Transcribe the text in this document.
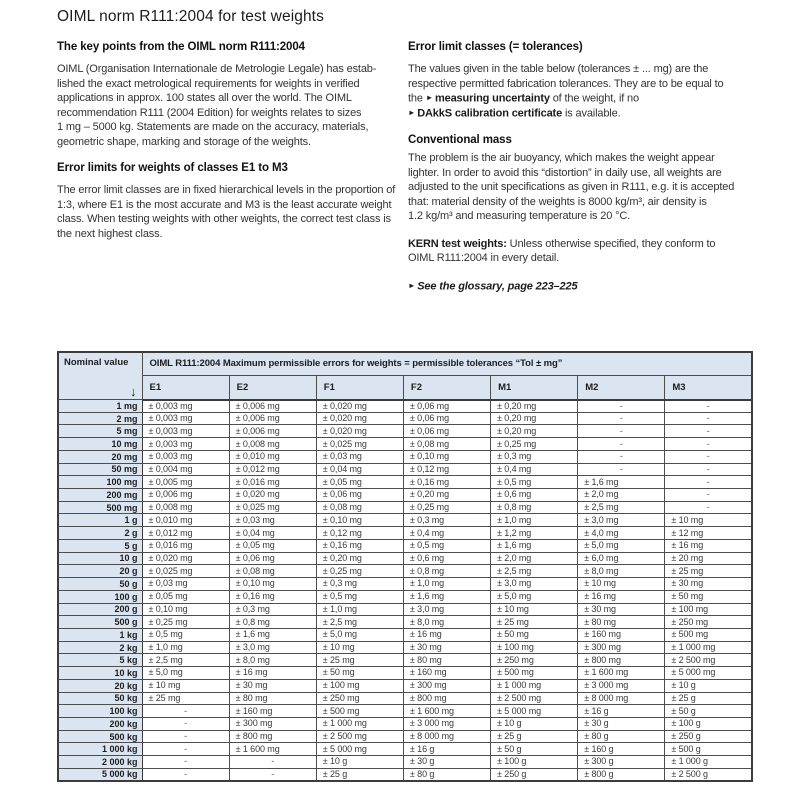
OIML norm R111:2004 for test weights
The key points from the OIML norm R111:2004

OIML (Organisation Internationale de Metrologie Legale) has estab-
lished the exact metrological requirements for weights in verified
applications in approx. 100 states all over the world. The OIML
recommendation R111 (2004 Edition) for weights relates to sizes
1 mg – 5000 kg. Statements are made on the accuracy, materials,
geometric shape, marking and storage of the weights.

Error limits for weights of classes E1 to M3

The error limit classes are in fixed hierarchical levels in the proportion of
1:3, where E1 is the most accurate and M3 is the least accurate weight
class. When testing weights with other weights, the correct test class is
the next highest class.

Error limit classes (= tolerances)

The values given in the table below (tolerances ± ... mg) are the
respective permitted fabrication tolerances. They are to be equal to
the ► measuring uncertainty of the weight, if no
► DAkkS calibration certificate is available.

Conventional mass

The problem is the air buoyancy, which makes the weight appear
lighter. In order to avoid this “distortion” in daily use, all weights are
adjusted to the unit specifications as given in R111, e.g. it is accepted
that: material density of the weights is 8000 kg/m³, air density is
1.2 kg/m³ and measuring temperature is 20 °C.

KERN test weights: Unless otherwise specified, they conform to
OIML R111:2004 in every detail.

► See the glossary, page 223–225

Nominal value
↓	OIML R111:2004 Maximum permissible errors for weights = permissible tolerances “Tol ± mg”						
	E1	E2	F1	F2	M1	M2	M3
1 mg	± 0,003 mg	± 0,006 mg	± 0,020 mg	± 0,06 mg	± 0,20 mg	-	-
2 mg	± 0,003 mg	± 0,006 mg	± 0,020 mg	± 0,06 mg	± 0,20 mg	-	-
5 mg	± 0,003 mg	± 0,006 mg	± 0,020 mg	± 0,06 mg	± 0,20 mg	-	-
10 mg	± 0,003 mg	± 0,008 mg	± 0,025 mg	± 0,08 mg	± 0,25 mg	-	-
20 mg	± 0,003 mg	± 0,010 mg	± 0,03 mg	± 0,10 mg	± 0,3 mg	-	-
50 mg	± 0,004 mg	± 0,012 mg	± 0,04 mg	± 0,12 mg	± 0,4 mg	-	-
100 mg	± 0,005 mg	± 0,016 mg	± 0,05 mg	± 0,16 mg	± 0,5 mg	± 1,6 mg	-
200 mg	± 0,006 mg	± 0,020 mg	± 0,06 mg	± 0,20 mg	± 0,6 mg	± 2,0 mg	-
500 mg	± 0,008 mg	± 0,025 mg	± 0,08 mg	± 0,25 mg	± 0,8 mg	± 2,5 mg	-
1 g	± 0,010 mg	± 0,03 mg	± 0,10 mg	± 0,3 mg	± 1,0 mg	± 3,0 mg	± 10 mg
2 g	± 0,012 mg	± 0,04 mg	± 0,12 mg	± 0,4 mg	± 1,2 mg	± 4,0 mg	± 12 mg
5 g	± 0,016 mg	± 0,05 mg	± 0,16 mg	± 0,5 mg	± 1,6 mg	± 5,0 mg	± 16 mg
10 g	± 0,020 mg	± 0,06 mg	± 0,20 mg	± 0,6 mg	± 2,0 mg	± 6,0 mg	± 20 mg
20 g	± 0,025 mg	± 0,08 mg	± 0,25 mg	± 0,8 mg	± 2,5 mg	± 8,0 mg	± 25 mg
50 g	± 0,03 mg	± 0,10 mg	± 0,3 mg	± 1,0 mg	± 3,0 mg	± 10 mg	± 30 mg
100 g	± 0,05 mg	± 0,16 mg	± 0,5 mg	± 1,6 mg	± 5,0 mg	± 16 mg	± 50 mg
200 g	± 0,10 mg	± 0,3 mg	± 1,0 mg	± 3,0 mg	± 10 mg	± 30 mg	± 100 mg
500 g	± 0,25 mg	± 0,8 mg	± 2,5 mg	± 8,0 mg	± 25 mg	± 80 mg	± 250 mg
1 kg	± 0,5 mg	± 1,6 mg	± 5,0 mg	± 16 mg	± 50 mg	± 160 mg	± 500 mg
2 kg	± 1,0 mg	± 3,0 mg	± 10 mg	± 30 mg	± 100 mg	± 300 mg	± 1 000 mg
5 kg	± 2,5 mg	± 8,0 mg	± 25 mg	± 80 mg	± 250 mg	± 800 mg	± 2 500 mg
10 kg	± 5,0 mg	± 16 mg	± 50 mg	± 160 mg	± 500 mg	± 1 600 mg	± 5 000 mg
20 kg	± 10 mg	± 30 mg	± 100 mg	± 300 mg	± 1 000 mg	± 3 000 mg	± 10 g
50 kg	± 25 mg	± 80 mg	± 250 mg	± 800 mg	± 2 500 mg	± 8 000 mg	± 25 g
100 kg	-	± 160 mg	± 500 mg	± 1 600 mg	± 5 000 mg	± 16 g	± 50 g
200 kg	-	± 300 mg	± 1 000 mg	± 3 000 mg	± 10 g	± 30 g	± 100 g
500 kg	-	± 800 mg	± 2 500 mg	± 8 000 mg	± 25 g	± 80 g	± 250 g
1 000 kg	-	± 1 600 mg	± 5 000 mg	± 16 g	± 50 g	± 160 g	± 500 g
2 000 kg	-	-	± 10 g	± 30 g	± 100 g	± 300 g	± 1 000 g
5 000 kg	-	-	± 25 g	± 80 g	± 250 g	± 800 g	± 2 500 g
